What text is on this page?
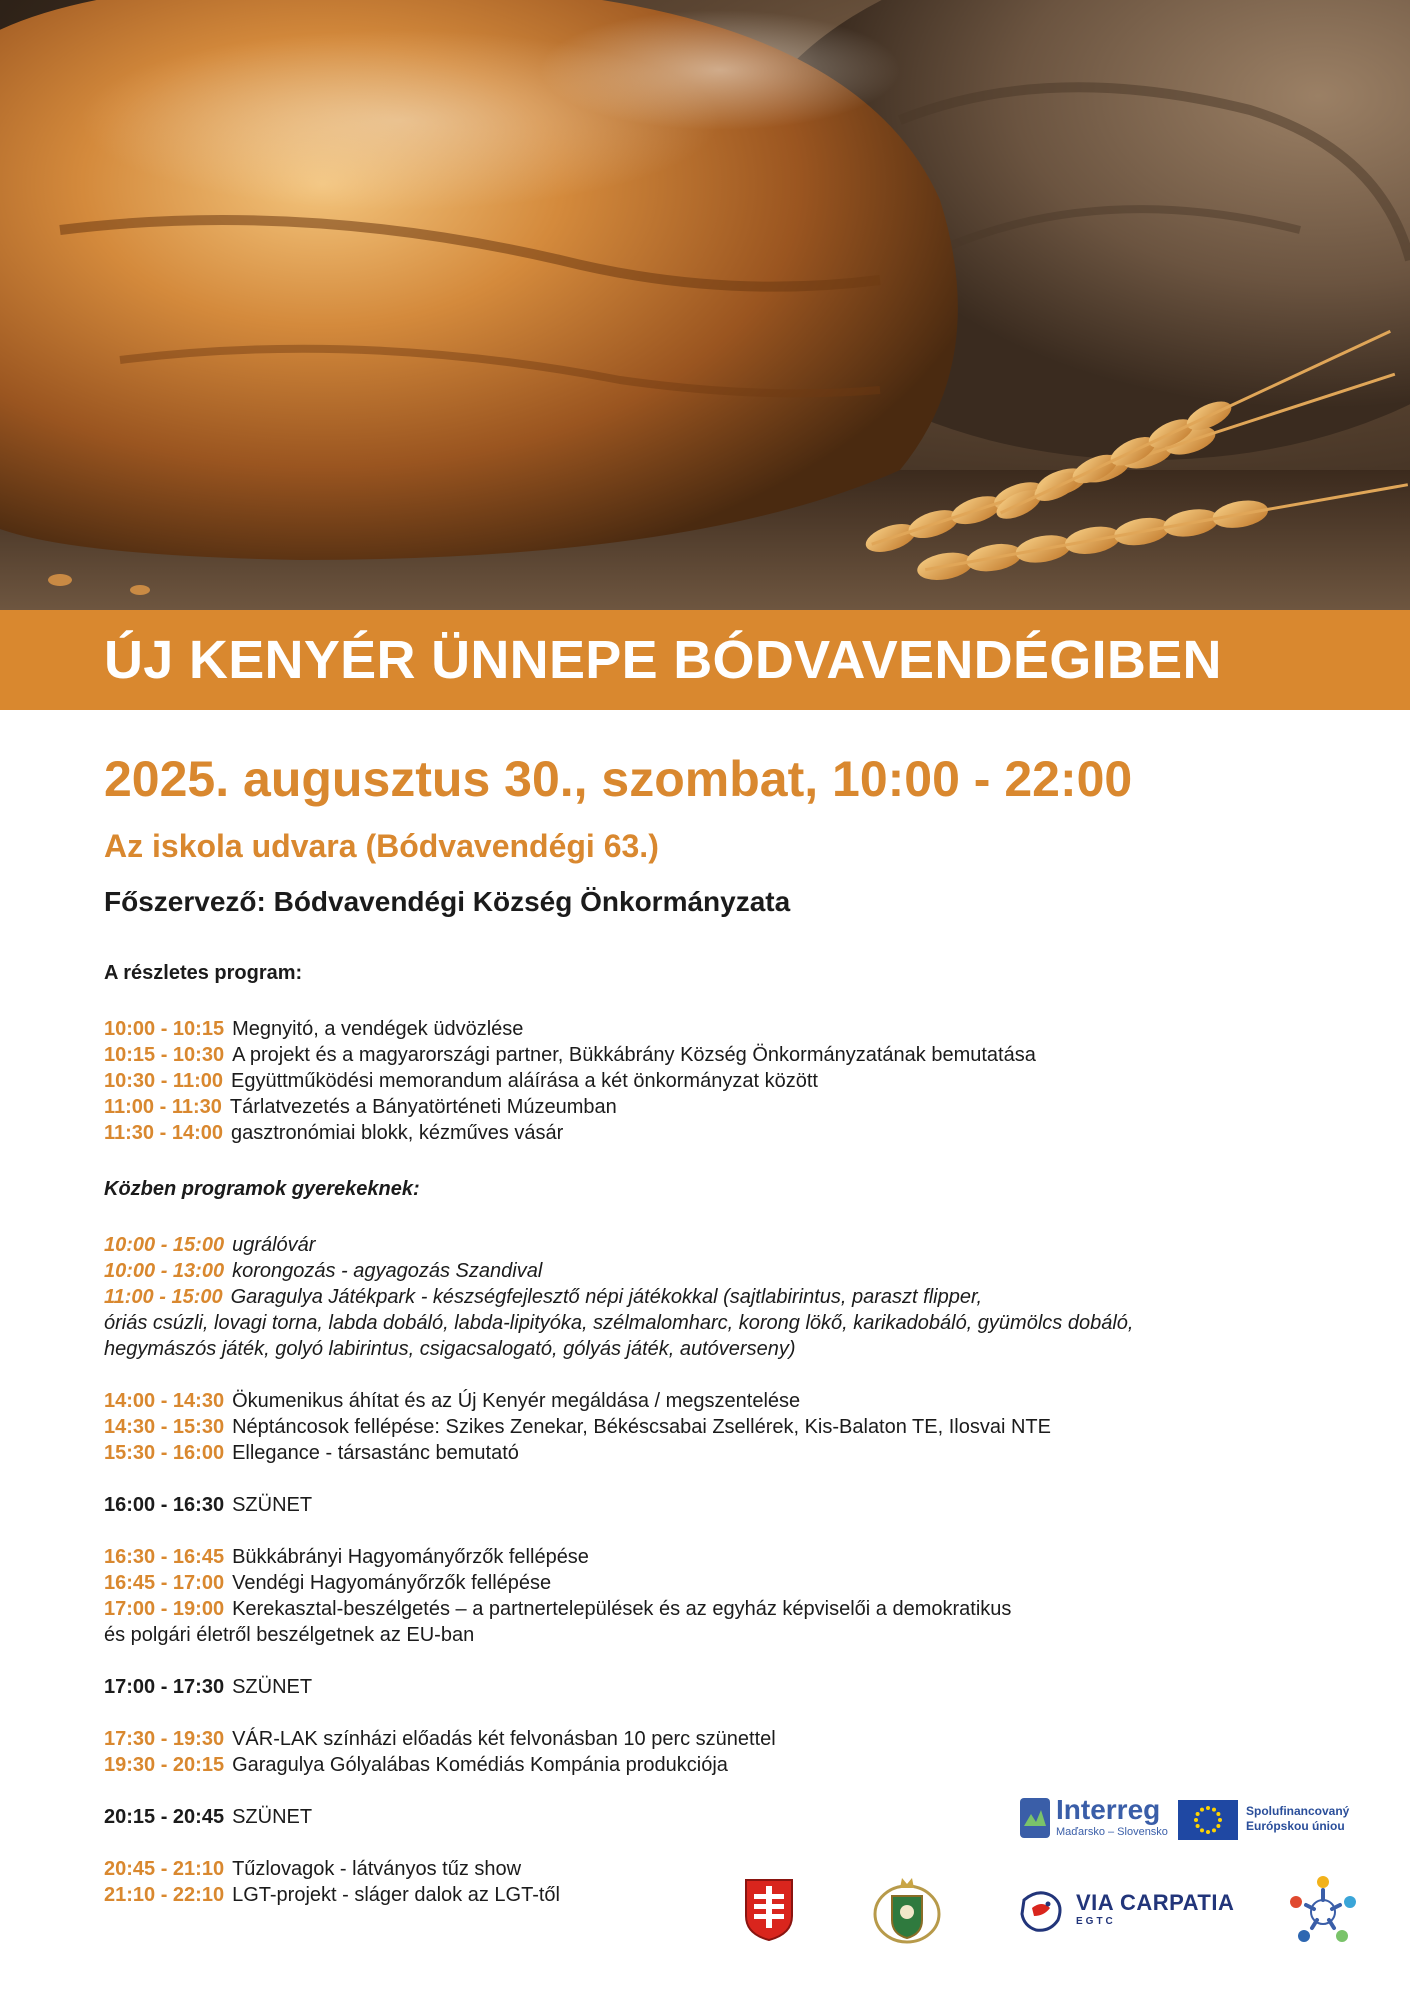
ÚJ KENYÉR ÜNNEPE BÓDVAVENDÉGIBEN

2025. augusztus 30., szombat, 10:00 - 22:00

Az iskola udvara (Bódvavendégi 63.)

Főszervező: Bódvavendégi Község Önkormányzata

A részletes program:

10:00 - 10:15 Megnyitó, a vendégek üdvözlése

10:15 - 10:30 A projekt és a magyarországi partner, Bükkábrány Község Önkormányzatának bemutatása

10:30 - 11:00 Együttműködési memorandum aláírása a két önkormányzat között

11:00 - 11:30 Tárlatvezetés a Bányatörténeti Múzeumban

11:30 - 14:00 gasztronómiai blokk, kézműves vásár

Közben programok gyerekeknek:

10:00 - 15:00 ugrálóvár

10:00 - 13:00 korongozás - agyagozás Szandival

11:00 - 15:00 Garagulya Játékpark - készségfejlesztő népi játékokkal (sajtlabirintus, paraszt flipper,

óriás csúzli, lovagi torna, labda dobáló, labda-lipityóka, szélmalomharc, korong lökő, karikadobáló, gyümölcs dobáló,

hegymászós játék, golyó labirintus, csigacsalogató, gólyás játék, autóverseny)

14:00 - 14:30 Ökumenikus áhítat és az Új Kenyér megáldása / megszentelése

14:30 - 15:30 Néptáncosok fellépése: Szikes Zenekar, Békéscsabai Zsellérek, Kis-Balaton TE, Ilosvai NTE

15:30 - 16:00 Ellegance - társastánc bemutató

16:00 - 16:30 SZÜNET

16:30 - 16:45 Bükkábrányi Hagyományőrzők fellépése

16:45 - 17:00 Vendégi Hagyományőrzők fellépése

17:00 - 19:00 Kerekasztal-beszélgetés – a partnertelepülések és az egyház képviselői a demokratikus

és polgári életről beszélgetnek az EU-ban

17:00 - 17:30 SZÜNET

17:30 - 19:30 VÁR-LAK színházi előadás két felvonásban 10 perc szünettel

19:30 - 20:15 Garagulya Gólyalábas Komédiás Kompánia produkciója

20:15 - 20:45 SZÜNET

20:45 - 21:10 Tűzlovagok - látványos tűz show

21:10 - 22:10 LGT-projekt - sláger dalok az LGT-től

Interreg
Maďarsko – Slovensko
Spolufinancovaný
Európskou úniou
VIA CARPATIA
EGTC
